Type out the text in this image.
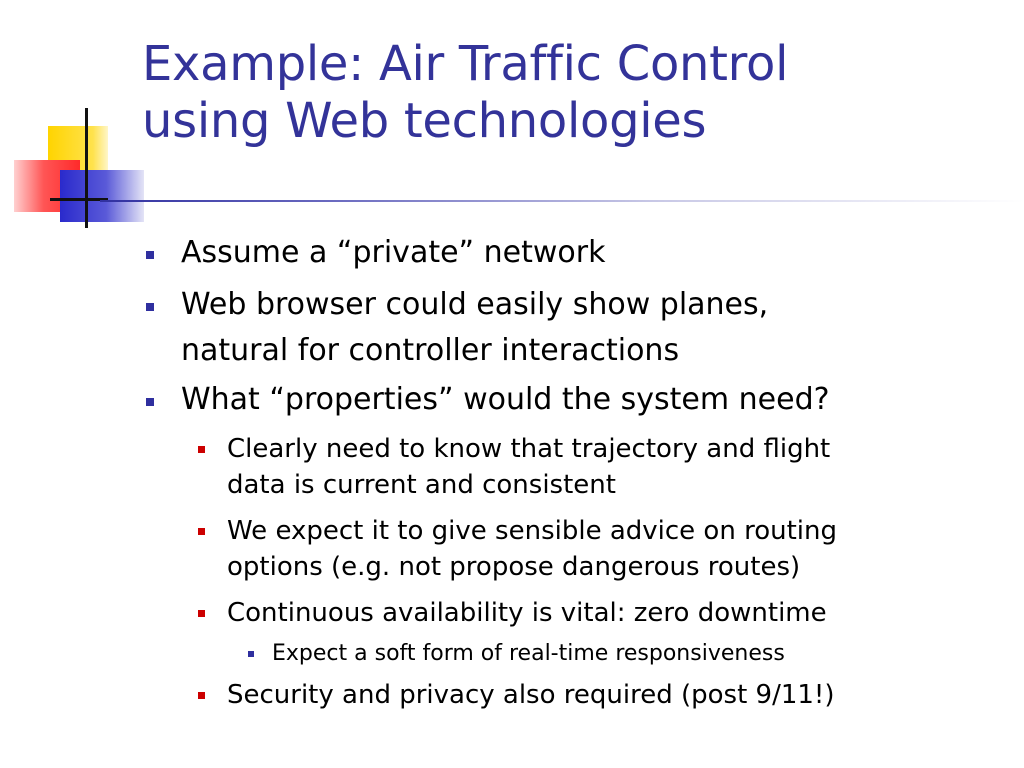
Example: Air Traffic Control
using Web technologies
Assume a “private” network
Web browser could easily show planes,
natural for controller interactions
What “properties” would the system need?
Clearly need to know that trajectory and flight
data is current and consistent
We expect it to give sensible advice on routing
options (e.g. not propose dangerous routes)
Continuous availability is vital: zero downtime
Expect a soft form of real-time responsiveness
Security and privacy also required (post 9/11!)
